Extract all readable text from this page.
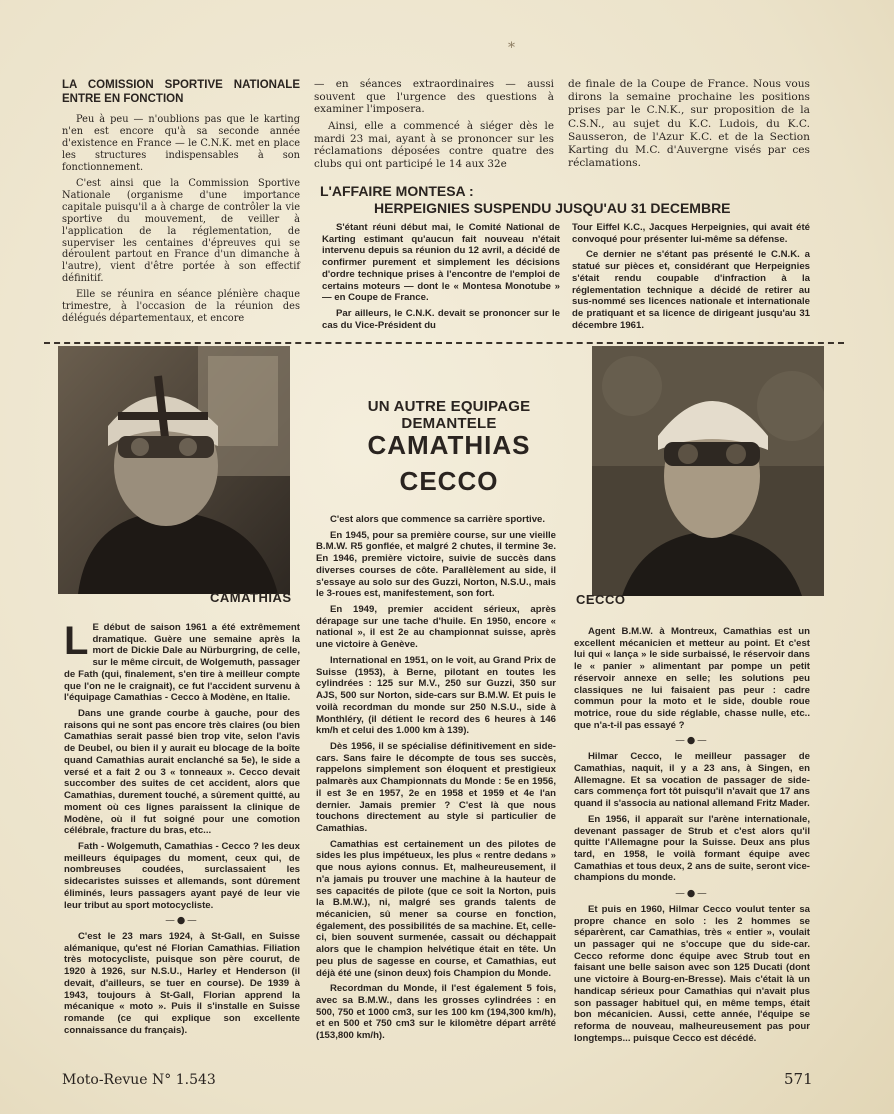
*
LA COMISSION SPORTIVE NATIONALE ENTRE EN FONCTION

Peu à peu — n'oublions pas que le karting n'en est encore qu'à sa seconde année d'existence en France — le C.N.K. met en place les structures indispensables à son fonctionnement.

C'est ainsi que la Commission Sportive Nationale (organisme d'une importance capitale puisqu'il a à charge de contrôler la vie sportive du mouvement, de veiller à l'application de la réglementation, de superviser les centaines d'épreuves qui se déroulent partout en France d'un dimanche à l'autre), vient d'être portée à son effectif définitif.

Elle se réunira en séance plénière chaque trimestre, à l'occasion de la réunion des délégués départementaux, et encore

— en séances extraordinaires — aussi souvent que l'urgence des questions à examiner l'imposera.

Ainsi, elle a commencé à siéger dès le mardi 23 mai, ayant à se prononcer sur les réclamations déposées contre quatre des clubs qui ont participé le 14 aux 32e

de finale de la Coupe de France. Nous vous dirons la semaine prochaine les positions prises par le C.N.K., sur proposition de la C.S.N., au sujet du K.C. Ludois, du K.C. Sausseron, de l'Azur K.C. et de la Section Karting du M.C. d'Auvergne visés par ces réclamations.

L'AFFAIRE MONTESA :
HERPEIGNIES SUSPENDU JUSQU'AU 31 DECEMBRE

S'étant réuni début mai, le Comité National de Karting estimant qu'aucun fait nouveau n'était intervenu depuis sa réunion du 12 avril, a décidé de confirmer purement et simplement les décisions d'ordre technique prises à l'encontre de l'emploi de certains moteurs — dont le « Montesa Monotube » — en Coupe de France.

Par ailleurs, le C.N.K. devait se prononcer sur le cas du Vice-Président du

Tour Eiffel K.C., Jacques Herpeignies, qui avait été convoqué pour présenter lui-même sa défense.

Ce dernier ne s'étant pas présenté le C.N.K. a statué sur pièces et, considérant que Herpeignies s'était rendu coupable d'infraction à la réglementation technique a décidé de retirer au sus-nommé ses licences nationale et internationale de pratiquant et sa licence de dirigeant jusqu'au 31 décembre 1961.

CAMATHIAS	CECCO
UN AUTRE EQUIPAGE DEMANTELE
CAMATHIAS
CECCO

L E début de saison 1961 a été extrêmement dramatique. Guère une semaine après la mort de Dickie Dale au Nürburgring, de celle, sur le même circuit, de Wolgemuth, passager de Fath (qui, finalement, s'en tire à meilleur compte que l'on ne le craignait), ce fut l'accident survenu à l'équipage Camathias - Cecco à Modène, en Italie.

Dans une grande courbe à gauche, pour des raisons qui ne sont pas encore très claires (ou bien Camathias serait passé bien trop vite, selon l'avis de Deubel, ou bien il y aurait eu blocage de la boîte quand Camathias aurait enclanché sa 5e), le side a versé et a fait 2 ou 3 « tonneaux ». Cecco devait succomber des suites de cet accident, alors que Camathias, durement touché, a sûrement quitté, au moment où ces lignes paraissent la clinique de Modène, où il fut soigné pour une comotion célébrale, fracture du bras, etc...

Fath - Wolgemuth, Camathias - Cecco ? les deux meilleurs équipages du moment, ceux qui, de nombreuses coudées, surclassaient les sidecaristes suisses et allemands, sont dûrement éliminés, leurs passagers ayant payé de leur vie leur tribut au sport motocycliste.

—●—

C'est le 23 mars 1924, à St-Gall, en Suisse alémanique, qu'est né Florian Camathias. Filiation très motocycliste, puisque son père courut, de 1920 à 1926, sur N.S.U., Harley et Henderson (il devait, d'ailleurs, se tuer en course). De 1939 à 1943, toujours à St-Gall, Florian apprend la mécanique « moto ». Puis il s'installe en Suisse romande (ce qui explique son excellente connaissance du français).

C'est alors que commence sa carrière sportive.

En 1945, pour sa première course, sur une vieille B.M.W. R5 gonflée, et malgré 2 chutes, il termine 3e. En 1946, première victoire, suivie de succès dans diverses courses de côte. Parallèlement au side, il s'essaye au solo sur des Guzzi, Norton, N.S.U., mais le 3-roues est, manifestement, son fort.

En 1949, premier accident sérieux, après dérapage sur une tache d'huile. En 1950, encore « national », il est 2e au championnat suisse, après une victoire à Genève.

International en 1951, on le voit, au Grand Prix de Suisse (1953), à Berne, pilotant en toutes les cylindrées : 125 sur M.V., 250 sur Guzzi, 350 sur AJS, 500 sur Norton, side-cars sur B.M.W. Et puis le voilà recordman du monde sur 250 N.S.U., side à Monthléry, (il détient le record des 6 heures à 146 km/h et celui des 1.000 km à 139).

Dès 1956, il se spécialise définitivement en side-cars. Sans faire le décompte de tous ses succès, rappelons simplement son éloquent et prestigieux palmarès aux Championnats du Monde : 5e en 1956, il est 3e en 1957, 2e en 1958 et 1959 et 4e l'an dernier. Jamais premier ? C'est là que nous touchons directement au style si particulier de Camathias.

Camathias est certainement un des pilotes de sides les plus impétueux, les plus « rentre dedans » que nous ayions connus. Et, malheureusement, il n'a jamais pu trouver une machine à la hauteur de ses capacités de pilote (que ce soit la Norton, puis la B.M.W.), ni, malgré ses grands talents de mécanicien, sû mener sa course en fonction, également, des possibilités de sa machine. Et, celle-ci, bien souvent surmenée, cassait ou déchappait alors que le champion helvétique était en tête. Un peu plus de sagesse en course, et Camathias, eut déjà été une (sinon deux) fois Champion du Monde.

Recordman du Monde, il l'est également 5 fois, avec sa B.M.W., dans les grosses cylindrées : en 500, 750 et 1000 cm3, sur les 100 km (194,300 km/h), et en 500 et 750 cm3 sur le kilomètre départ arrêté (153,800 km/h).

Agent B.M.W. à Montreux, Camathias est un excellent mécanicien et metteur au point. Et c'est lui qui « lança » le side surbaissé, le réservoir dans le « panier » alimentant par pompe un petit réservoir annexe en selle; les solutions peu classiques ne lui faisaient pas peur : cadre commun pour la moto et le side, double roue motrice, roue du side réglable, chasse nulle, etc.. que n'a-t-il pas essayé ?

—●—

Hilmar Cecco, le meilleur passager de Camathias, naquit, il y a 23 ans, à Singen, en Allemagne. Et sa vocation de passager de side-cars commença fort tôt puisqu'il n'avait que 17 ans quand il s'associa au national allemand Fritz Mader.

En 1956, il apparaît sur l'arène internationale, devenant passager de Strub et c'est alors qu'il quitte l'Allemagne pour la Suisse. Deux ans plus tard, en 1958, le voilà formant équipe avec Camathias et tous deux, 2 ans de suite, seront vice-champions du monde.

—●—

Et puis en 1960, Hilmar Cecco voulut tenter sa propre chance en solo : les 2 hommes se séparèrent, car Camathias, très « entier », voulait un passager qui ne s'occupe que du side-car. Cecco reforme donc équipe avec Strub tout en faisant une belle saison avec son 125 Ducati (dont une victoire à Bourg-en-Bresse). Mais c'était là un handicap sérieux pour Camathias qui n'avait plus son passager habituel qui, en même temps, était bon mécanicien. Aussi, cette année, l'équipe se reforma de nouveau, malheureusement pas pour longtemps... puisque Cecco est décédé.

Moto-Revue N° 1.543	571
